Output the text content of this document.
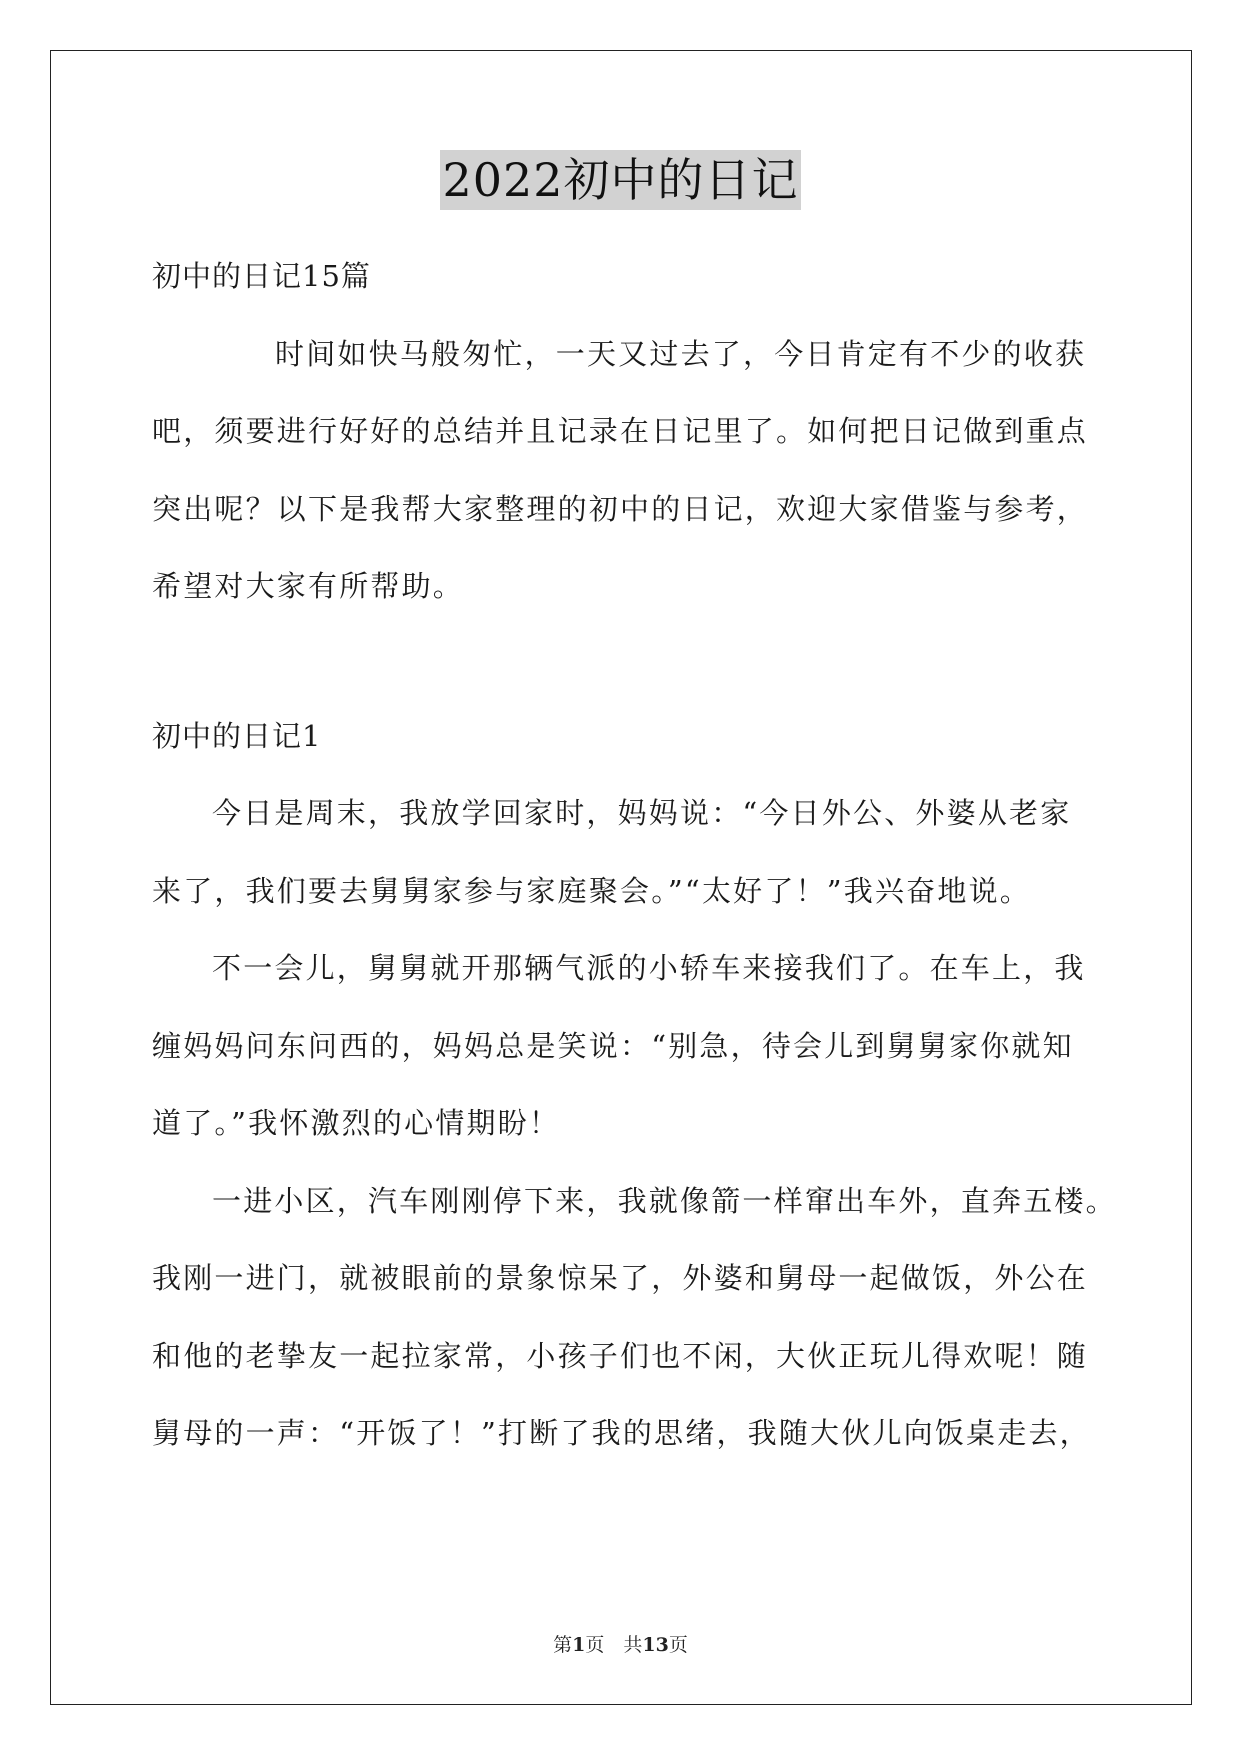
2022初中的日记
初中的日记15篇
时间如快马般匆忙，一天又过去了，今日肯定有不少的收获
吧，须要进行好好的总结并且记录在日记里了。如何把日记做到重点
突出呢？以下是我帮大家整理的初中的日记，欢迎大家借鉴与参考，
希望对大家有所帮助。
初中的日记1
今日是周末，我放学回家时，妈妈说：“今日外公、外婆从老家
来了，我们要去舅舅家参与家庭聚会。”“太好了！”我兴奋地说。
不一会儿，舅舅就开那辆气派的小轿车来接我们了。在车上，我
缠妈妈问东问西的，妈妈总是笑说：“别急，待会儿到舅舅家你就知
道了。”我怀激烈的心情期盼！
一进小区，汽车刚刚停下来，我就像箭一样窜出车外，直奔五楼。
我刚一进门，就被眼前的景象惊呆了，外婆和舅母一起做饭，外公在
和他的老挚友一起拉家常，小孩子们也不闲，大伙正玩儿得欢呢！随
舅母的一声：“开饭了！”打断了我的思绪，我随大伙儿向饭桌走去，
第1页　共13页
